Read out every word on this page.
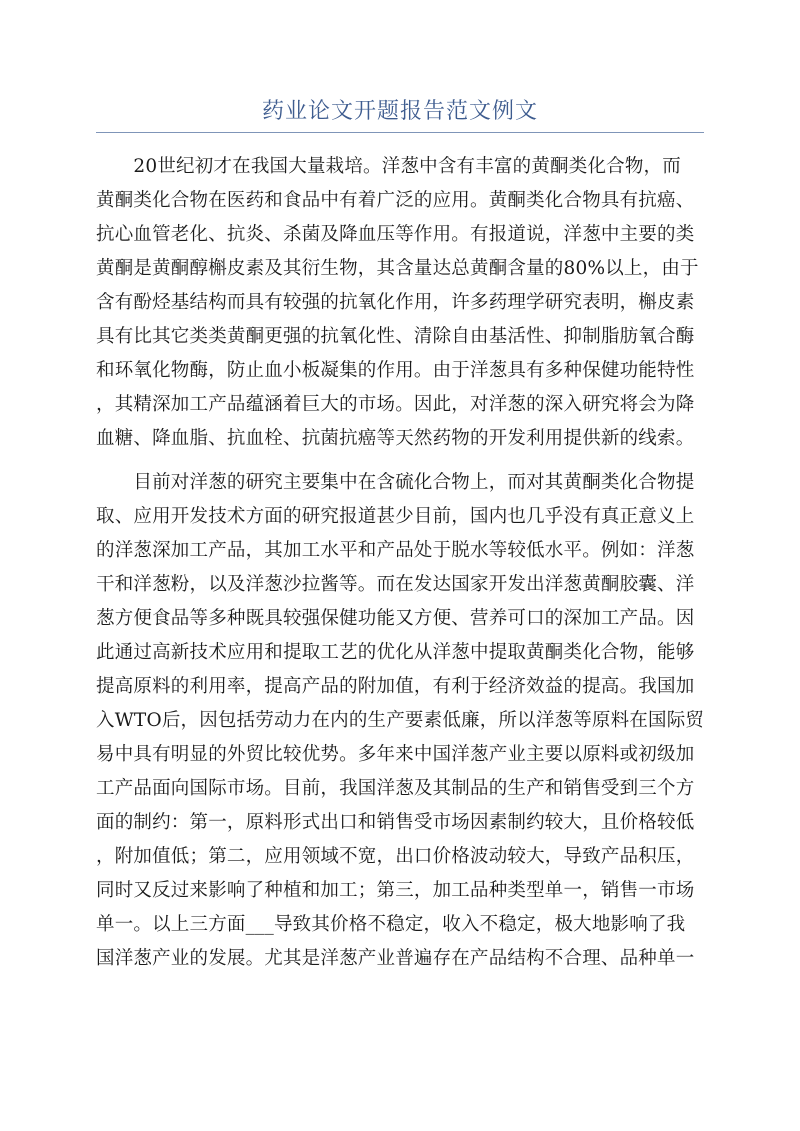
药业论文开题报告范文例文
　　20世纪初才在我国大量栽培。洋葱中含有丰富的黄酮类化合物，而
黄酮类化合物在医药和食品中有着广泛的应用。黄酮类化合物具有抗癌、
抗心血管老化、抗炎、杀菌及降血压等作用。有报道说，洋葱中主要的类
黄酮是黄酮醇槲皮素及其衍生物，其含量达总黄酮含量的80%以上，由于
含有酚烃基结构而具有较强的抗氧化作用，许多药理学研究表明，槲皮素
具有比其它类类黄酮更强的抗氧化性、清除自由基活性、抑制脂肪氧合酶
和环氧化物酶，防止血小板凝集的作用。由于洋葱具有多种保健功能特性
，其精深加工产品蕴涵着巨大的市场。因此，对洋葱的深入研究将会为降
血糖、降血脂、抗血栓、抗菌抗癌等天然药物的开发利用提供新的线索。
　　目前对洋葱的研究主要集中在含硫化合物上，而对其黄酮类化合物提
取、应用开发技术方面的研究报道甚少目前，国内也几乎没有真正意义上
的洋葱深加工产品，其加工水平和产品处于脱水等较低水平。例如：洋葱
干和洋葱粉，以及洋葱沙拉酱等。而在发达国家开发出洋葱黄酮胶囊、洋
葱方便食品等多种既具较强保健功能又方便、营养可口的深加工产品。因
此通过高新技术应用和提取工艺的优化从洋葱中提取黄酮类化合物，能够
提高原料的利用率，提高产品的附加值，有利于经济效益的提高。我国加
入WTO后，因包括劳动力在内的生产要素低廉，所以洋葱等原料在国际贸
易中具有明显的外贸比较优势。多年来中国洋葱产业主要以原料或初级加
工产品面向国际市场。目前，我国洋葱及其制品的生产和销售受到三个方
面的制约：第一，原料形式出口和销售受市场因素制约较大，且价格较低
，附加值低；第二，应用领域不宽，出口价格波动较大，导致产品积压，
同时又反过来影响了种植和加工；第三，加工品种类型单一，销售一市场
单一。以上三方面___导致其价格不稳定，收入不稳定，极大地影响了我
国洋葱产业的发展。尤其是洋葱产业普遍存在产品结构不合理、品种单一
